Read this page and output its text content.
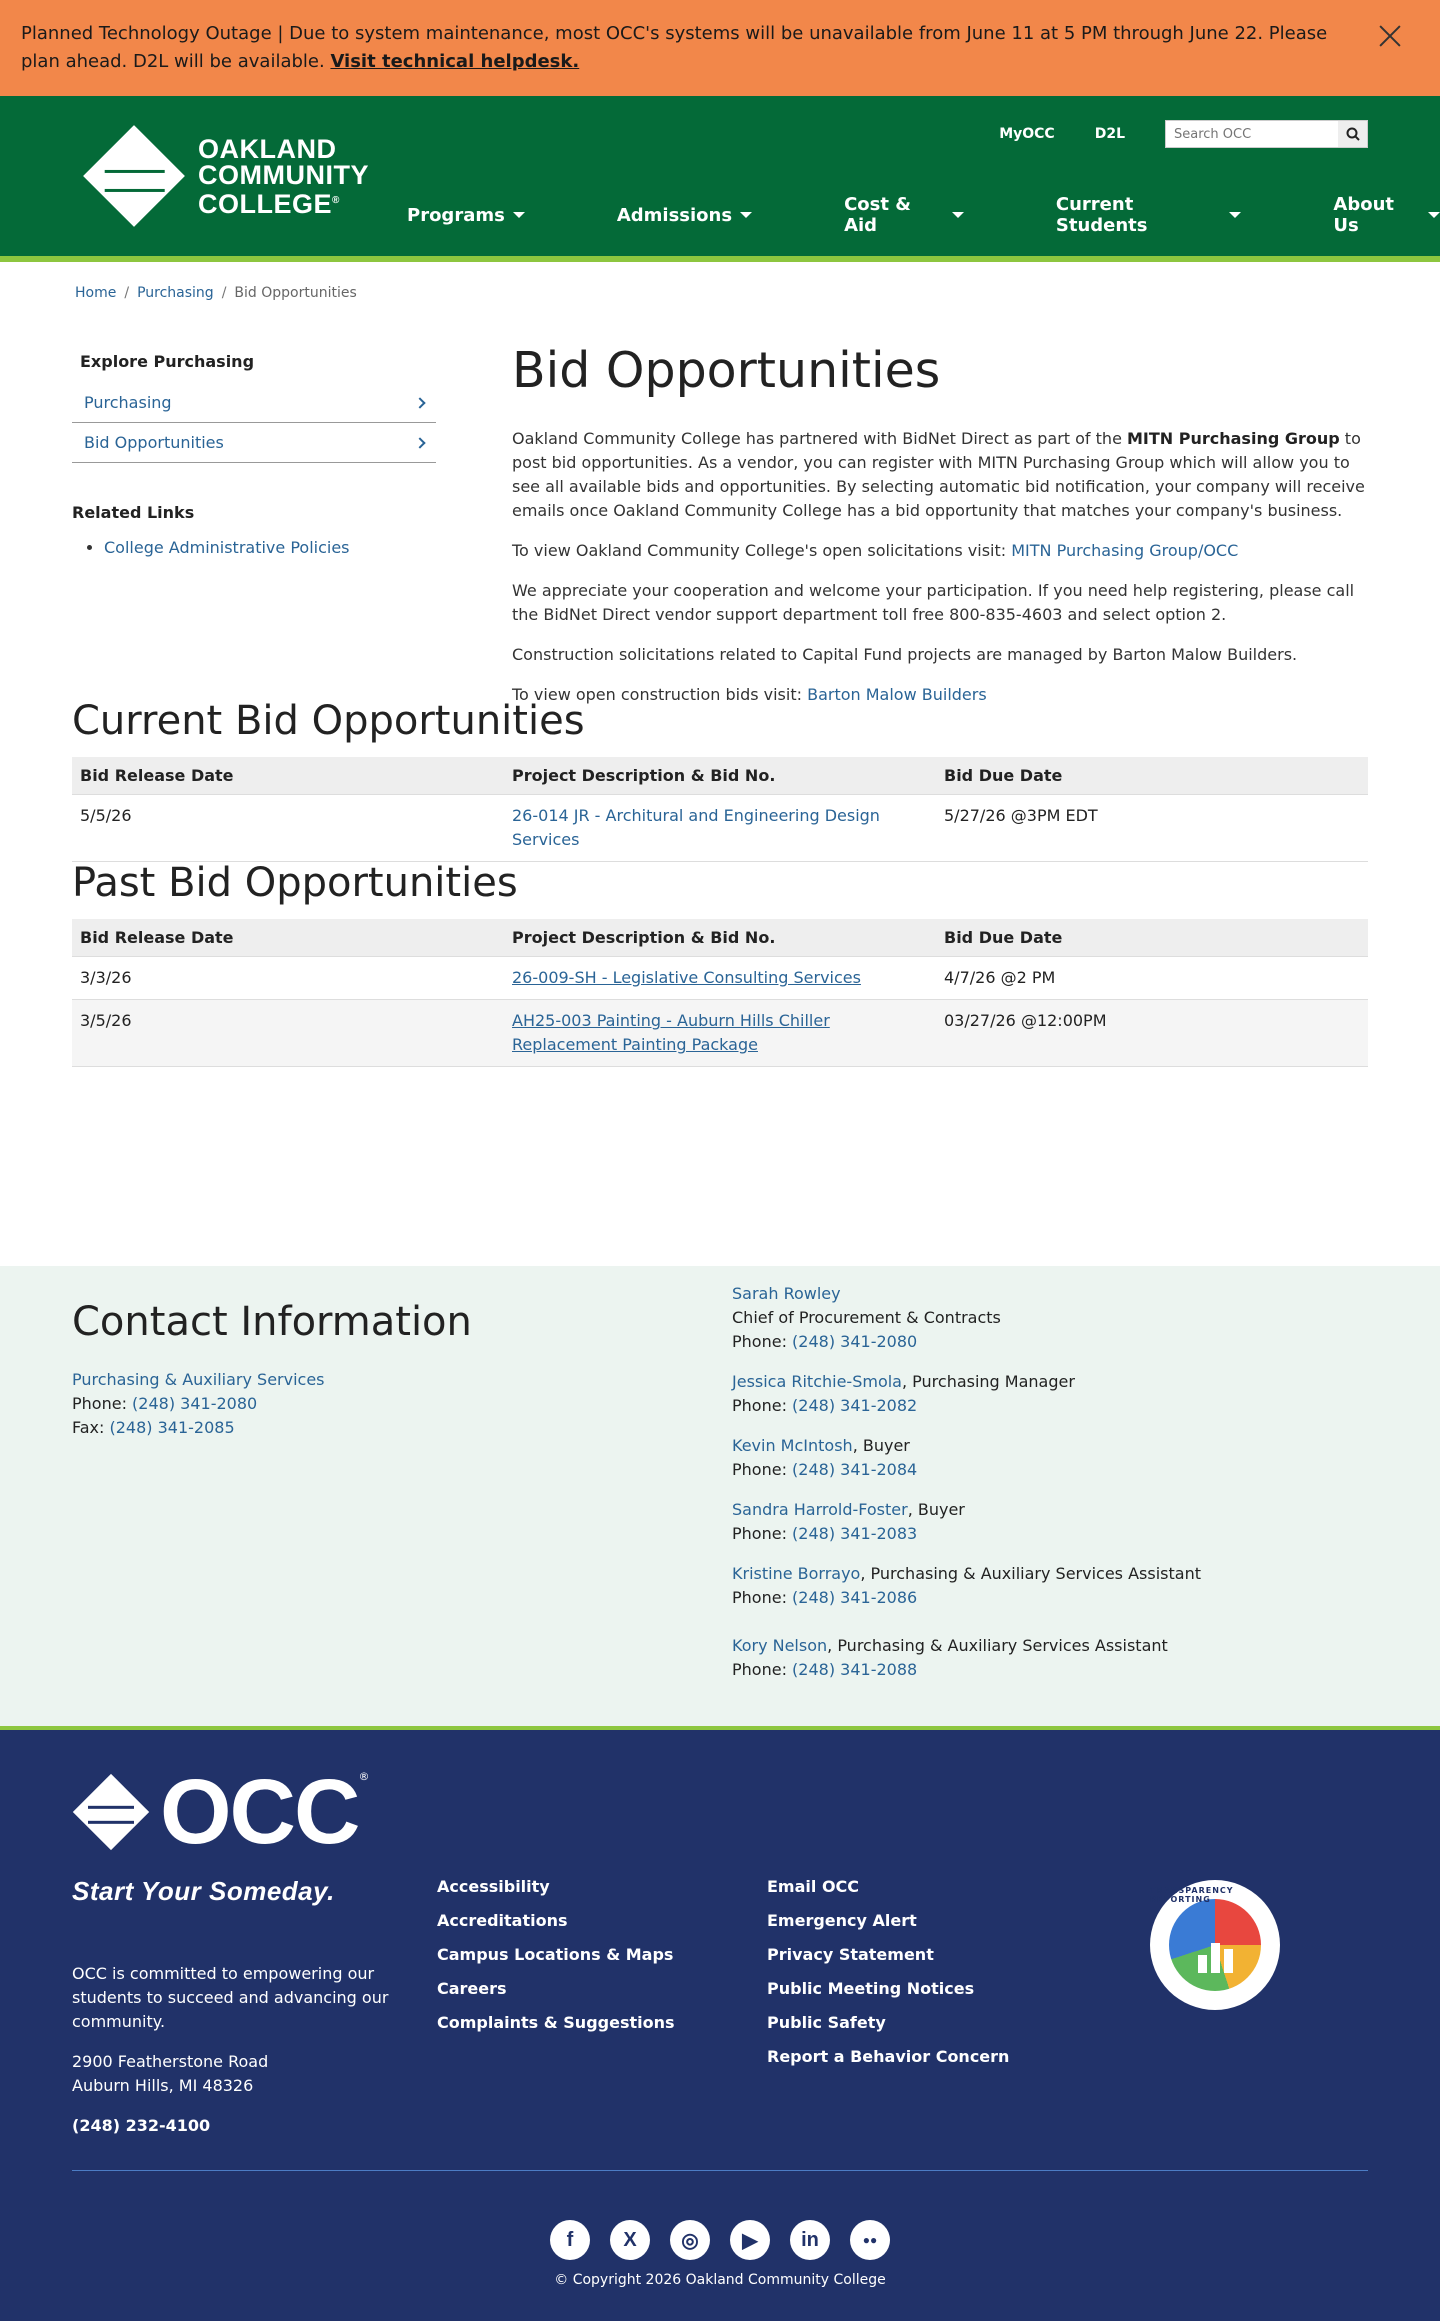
Planned Technology Outage | Due to system maintenance, most OCC's systems will be unavailable from June 11 at 5 PM through June 22. Please plan ahead. D2L will be available. Visit technical helpdesk.
OAKLAND
COMMUNITY
COLLEGE®
MyOCC	D2L
Search OCC
Programs	Admissions	Cost & Aid
Current Students
About Us
Home / Purchasing / Bid Opportunities
Explore Purchasing
Purchasing
Bid Opportunities
Related Links
• College Administrative Policies
Bid Opportunities

Oakland Community College has partnered with BidNet Direct as part of the MITN Purchasing Group to post bid opportunities. As a vendor, you can register with MITN Purchasing Group which will allow you to see all available bids and opportunities. By selecting automatic bid notification, your company will receive emails once Oakland Community College has a bid opportunity that matches your company's business.

To view Oakland Community College's open solicitations visit: MITN Purchasing Group/OCC

We appreciate your cooperation and welcome your participation. If you need help registering, please call the BidNet Direct vendor support department toll free 800-835-4603 and select option 2.

Construction solicitations related to Capital Fund projects are managed by Barton Malow Builders.

To view open construction bids visit: Barton Malow Builders

Current Bid Opportunities
Bid Release Date	Project Description & Bid No.	Bid Due Date
5/5/26	26-014 JR - Architural and Engineering Design Services	5/27/26 @3PM EDT
Past Bid Opportunities
Bid Release Date	Project Description & Bid No.	Bid Due Date
3/3/26	26-009-SH - Legislative Consulting Services	4/7/26 @2 PM
3/5/26	AH25-003 Painting - Auburn Hills Chiller Replacement Painting Package	03/27/26 @12:00PM
Contact Information

Purchasing & Auxiliary Services

Phone: (248) 341-2080

Fax: (248) 341-2085

Sarah Rowley

Chief of Procurement & Contracts

Phone: (248) 341-2080

Jessica Ritchie-Smola, Purchasing Manager

Phone: (248) 341-2082

Kevin McIntosh, Buyer

Phone: (248) 341-2084

Sandra Harrold-Foster, Buyer

Phone: (248) 341-2083

Kristine Borrayo, Purchasing & Auxiliary Services Assistant

Phone: (248) 341-2086

Kory Nelson, Purchasing & Auxiliary Services Assistant

Phone: (248) 341-2088

OCC ®
Start Your Someday.

OCC is committed to empowering our students to succeed and advancing our community.

2900 Featherstone Road
Auburn Hills, MI 48326

(248) 232-4100

Accessibility
Accreditations
Campus Locations & Maps
Careers
Complaints & Suggestions
Email OCC
Emergency Alert
Privacy Statement
Public Meeting Notices
Public Safety
Report a Behavior Concern
TRANSPARENCY REPORTING
f	X	◎	▶	in	●●
© Copyright 2026 Oakland Community College
